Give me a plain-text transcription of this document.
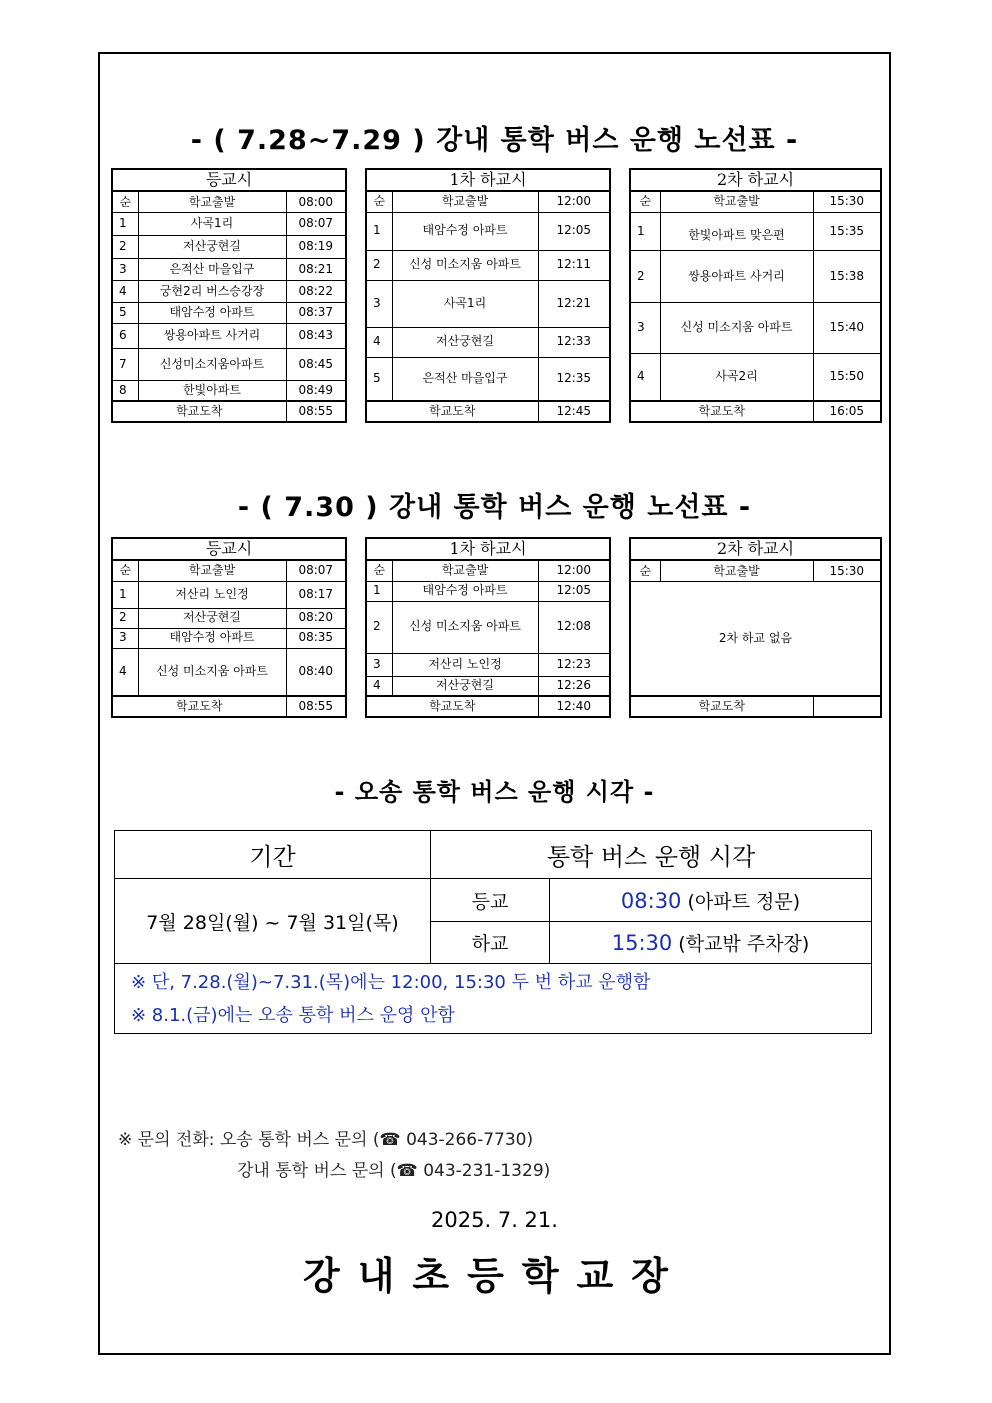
- ( 7.28~7.29 ) 강내 통학 버스 운행 노선표 -
- ( 7.30 ) 강내 통학 버스 운행 노선표 -
- 오송 통학 버스 운행 시각 -
등교시		
순	학교출발	08:00
1	사곡1리	08:07
2	저산궁현길	08:19
3	은적산 마을입구	08:21
4	궁현2리 버스승강장	08:22
5	태암수정 아파트	08:37
6	쌍용아파트 사거리	08:43
7	신성미소지움아파트	08:45
8	한빛아파트	08:49
학교도착		08:55
1차 하교시		
순	학교출발	12:00
1	태암수정 아파트	12:05
2	신성 미소지움 아파트	12:11
3	사곡1리	12:21
4	저산궁현길	12:33
5	은적산 마을입구	12:35
학교도착		12:45
2차 하교시		
순	학교출발	15:30
1	한빛아파트 맞은편	15:35
2	쌍용아파트 사거리	15:38
3	신성 미소지움 아파트	15:40
4	사곡2리	15:50
학교도착		16:05
등교시		
순	학교출발	08:07
1	저산리 노인정	08:17
2	저산궁현길	08:20
3	태암수정 아파트	08:35
4	신성 미소지움 아파트	08:40
학교도착		08:55
1차 하교시		
순	학교출발	12:00
1	태암수정 아파트	12:05
2	신성 미소지움 아파트	12:08
3	저산리 노인정	12:23
4	저산궁현길	12:26
학교도착		12:40
2차 하교시		
순	학교출발	15:30
2차 하교 없음		
학교도착		
기간	통학 버스 운행 시각	
7월 28일(월) ~ 7월 31일(목)	등교	08:30 (아파트 정문)
	하교	15:30 (학교밖 주차장)

※ 단, 7.28.(월)~7.31.(목)에는 12:00, 15:30 두 번 하교 운행함
※ 8.1.(금)에는 오송 통학 버스 운영 안함		
※ 문의 전화: 오송 통학 버스 문의 (☎ 043-266-7730)
강내 통학 버스 문의 (☎ 043-231-1329)
2025. 7. 21.
강내초등학교장
